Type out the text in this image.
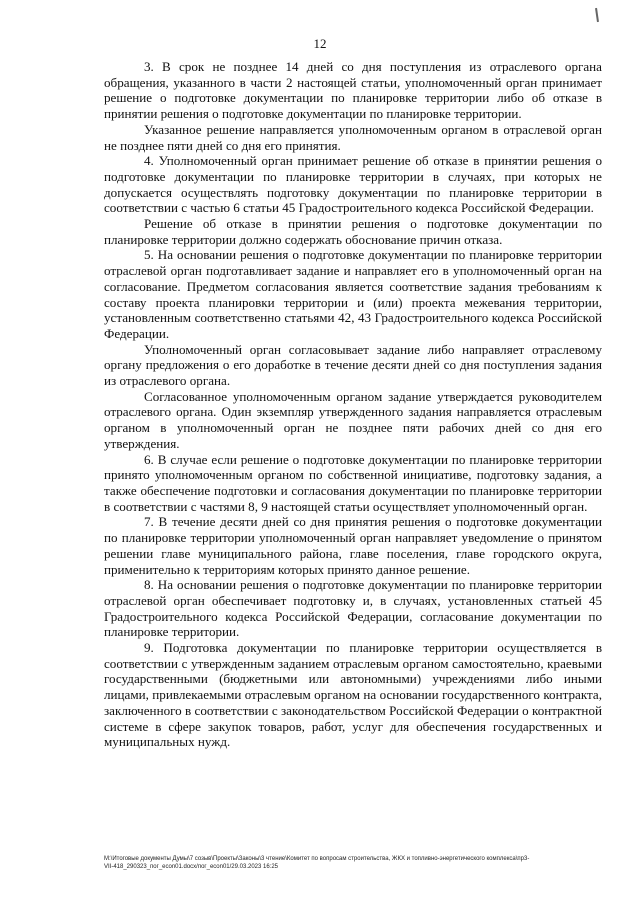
12

3. В срок не позднее 14 дней со дня поступления из отраслевого органа обращения, указанного в части 2 настоящей статьи, уполномоченный орган принимает решение о подготовке документации по планировке территории либо об отказе в принятии решения о подготовке документации по планировке территории.

Указанное решение направляется уполномоченным органом в отраслевой орган не позднее пяти дней со дня его принятия.

4. Уполномоченный орган принимает решение об отказе в принятии решения о подготовке документации по планировке территории в случаях, при которых не допускается осуществлять подготовку документации по планировке территории в соответствии с частью 6 статьи 45 Градостроительного кодекса Российской Федерации.

Решение об отказе в принятии решения о подготовке документации по планировке территории должно содержать обоснование причин отказа.

5. На основании решения о подготовке документации по планировке территории отраслевой орган подготавливает задание и направляет его в уполномоченный орган на согласование. Предметом согласования является соответствие задания требованиям к составу проекта планировки территории и (или) проекта межевания территории, установленным соответственно статьями 42, 43 Градостроительного кодекса Российской Федерации.

Уполномоченный орган согласовывает задание либо направляет отраслевому органу предложения о его доработке в течение десяти дней со дня поступления задания из отраслевого органа.

Согласованное уполномоченным органом задание утверждается руководителем отраслевого органа. Один экземпляр утвержденного задания направляется отраслевым органом в уполномоченный орган не позднее пяти рабочих дней со дня его утверждения.

6. В случае если решение о подготовке документации по планировке территории принято уполномоченным органом по собственной инициативе, подготовку задания, а также обеспечение подготовки и согласования документации по планировке территории в соответствии с частями 8, 9 настоящей статьи осуществляет уполномоченный орган.

7. В течение десяти дней со дня принятия решения о подготовке документации по планировке территории уполномоченный орган направляет уведомление о принятом решении главе муниципального района, главе поселения, главе городского округа, применительно к территориям которых принято данное решение.

8. На основании решения о подготовке документации по планировке территории отраслевой орган обеспечивает подготовку и, в случаях, установленных статьей 45 Градостроительного кодекса Российской Федерации, согласование документации по планировке территории.

9. Подготовка документации по планировке территории осуществляется в соответствии с утвержденным заданием отраслевым органом самостоятельно, краевыми государственными (бюджетными или автономными) учреждениями либо иными лицами, привлекаемыми отраслевым органом на основании государственного контракта, заключенного в соответствии с законодательством Российской Федерации о контрактной системе в сфере закупок товаров, работ, услуг для обеспечения государственных и муниципальных нужд.

M:\Итоговые документы Думы\7 созыв\Проекты\Законы\3 чтение\Комитет по вопросам строительства, ЖКХ и топливно-энергетического комплекса\пр3-
VII-418_290323_пог_econ01.docx/пог_econ01/29.03.2023 16:25
